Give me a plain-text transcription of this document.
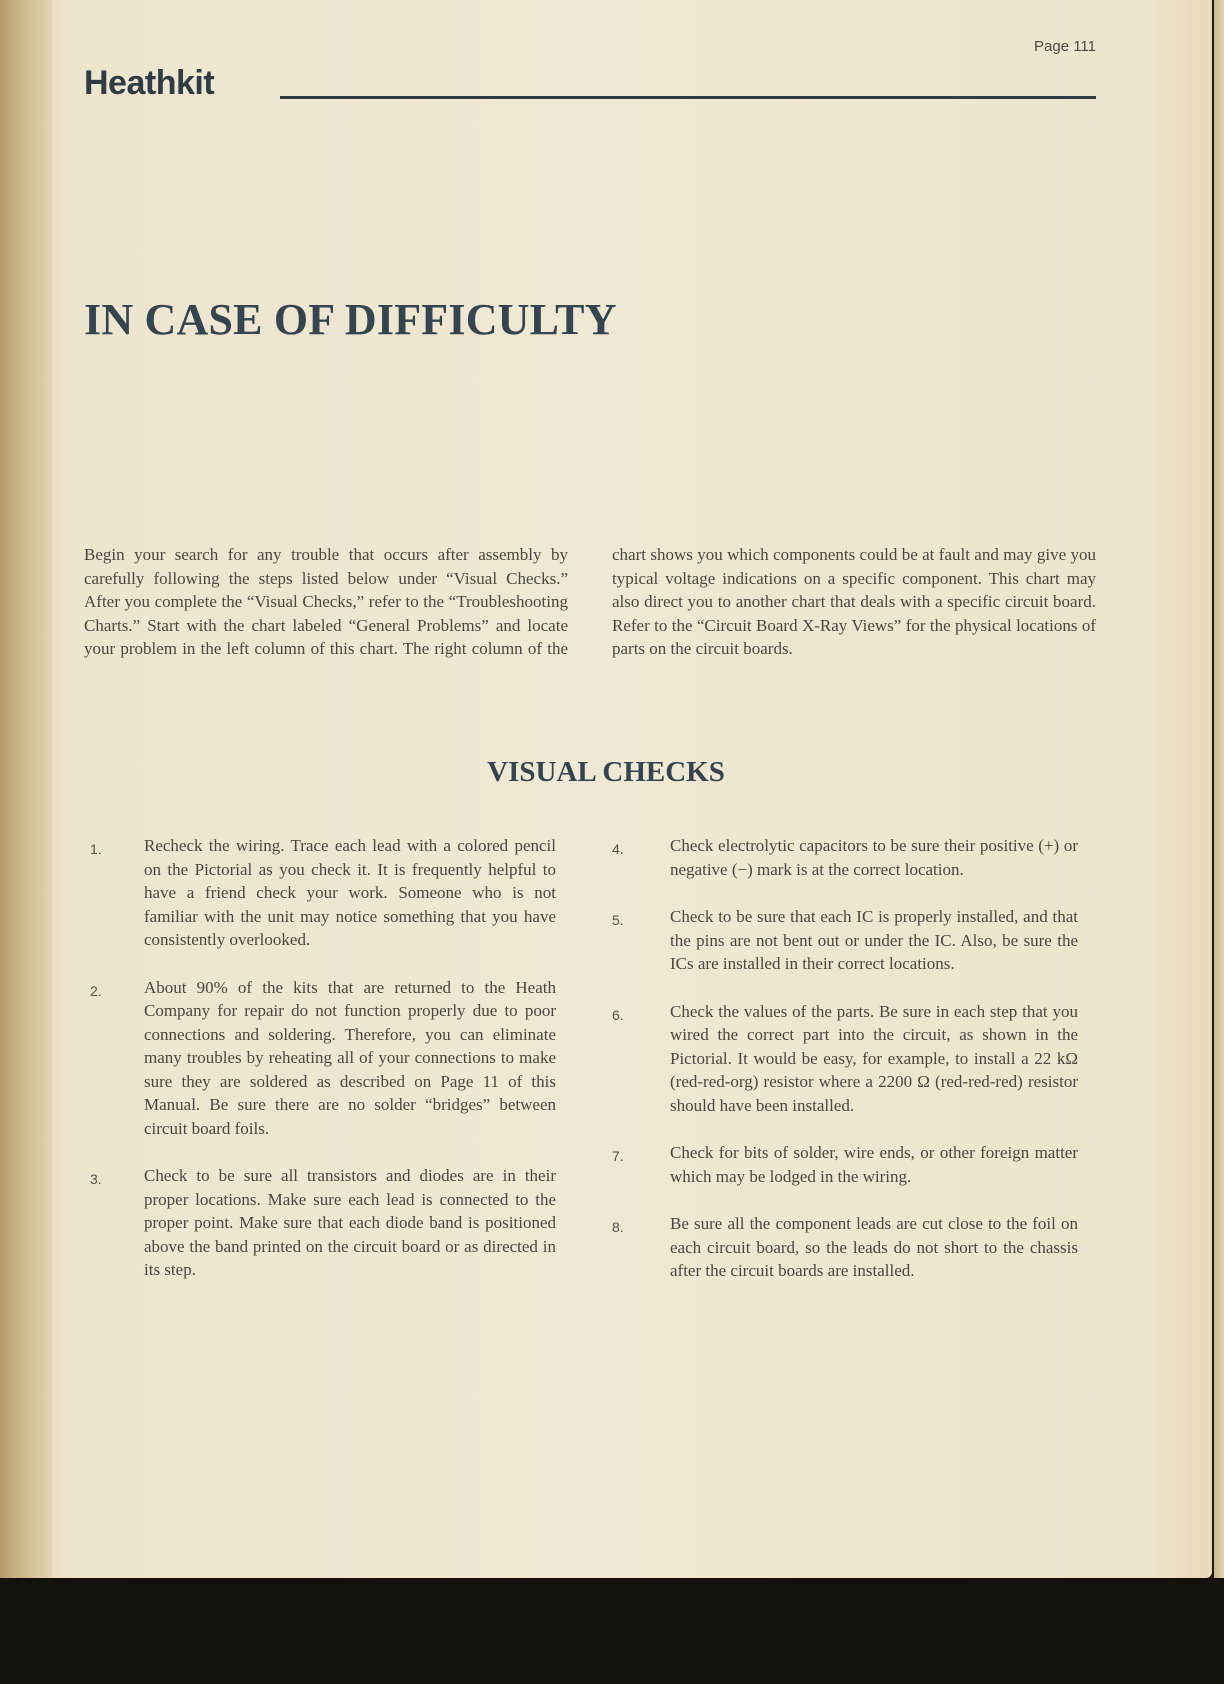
Page 111
Heathkit
IN CASE OF DIFFICULTY

Begin your search for any trouble that occurs after assembly by carefully following the steps listed below under “Visual Checks.” After you complete the “Visual Checks,” refer to the “Troubleshooting Charts.” Start with the chart labeled “General Problems” and locate your problem in the left column of this chart. The right column of the chart shows you which components could be at fault and may give you typical voltage indications on a specific component. This chart may also direct you to another chart that deals with a specific circuit board. Refer to the “Circuit Board X-Ray Views” for the physical locations of parts on the circuit boards.

VISUAL CHECKS
1. Recheck the wiring. Trace each lead with a colored pencil on the Pictorial as you check it. It is frequently helpful to have a friend check your work. Someone who is not familiar with the unit may notice something that you have consistently overlooked.
2. About 90% of the kits that are returned to the Heath Company for repair do not function properly due to poor connections and soldering. Therefore, you can eliminate many troubles by reheating all of your connections to make sure they are soldered as described on Page 11 of this Manual. Be sure there are no solder “bridges” between circuit board foils.
3. Check to be sure all transistors and diodes are in their proper locations. Make sure each lead is connected to the proper point. Make sure that each diode band is positioned above the band printed on the circuit board or as directed in its step.
4.	Check electrolytic capacitors to be sure their positive (+) or negative (−) mark is at the correct location.
5.	Check to be sure that each IC is properly installed, and that the pins are not bent out or under the IC. Also, be sure the ICs are installed in their correct locations.
6.	Check the values of the parts. Be sure in each step that you wired the correct part into the circuit, as shown in the Pictorial. It would be easy, for example, to install a 22 kΩ (red-red-org) resistor where a 2200 Ω (red-red-red) resistor should have been installed.
7.	Check for bits of solder, wire ends, or other foreign matter which may be lodged in the wiring.
8.	Be sure all the component leads are cut close to the foil on each circuit board, so the leads do not short to the chassis after the circuit boards are installed.
